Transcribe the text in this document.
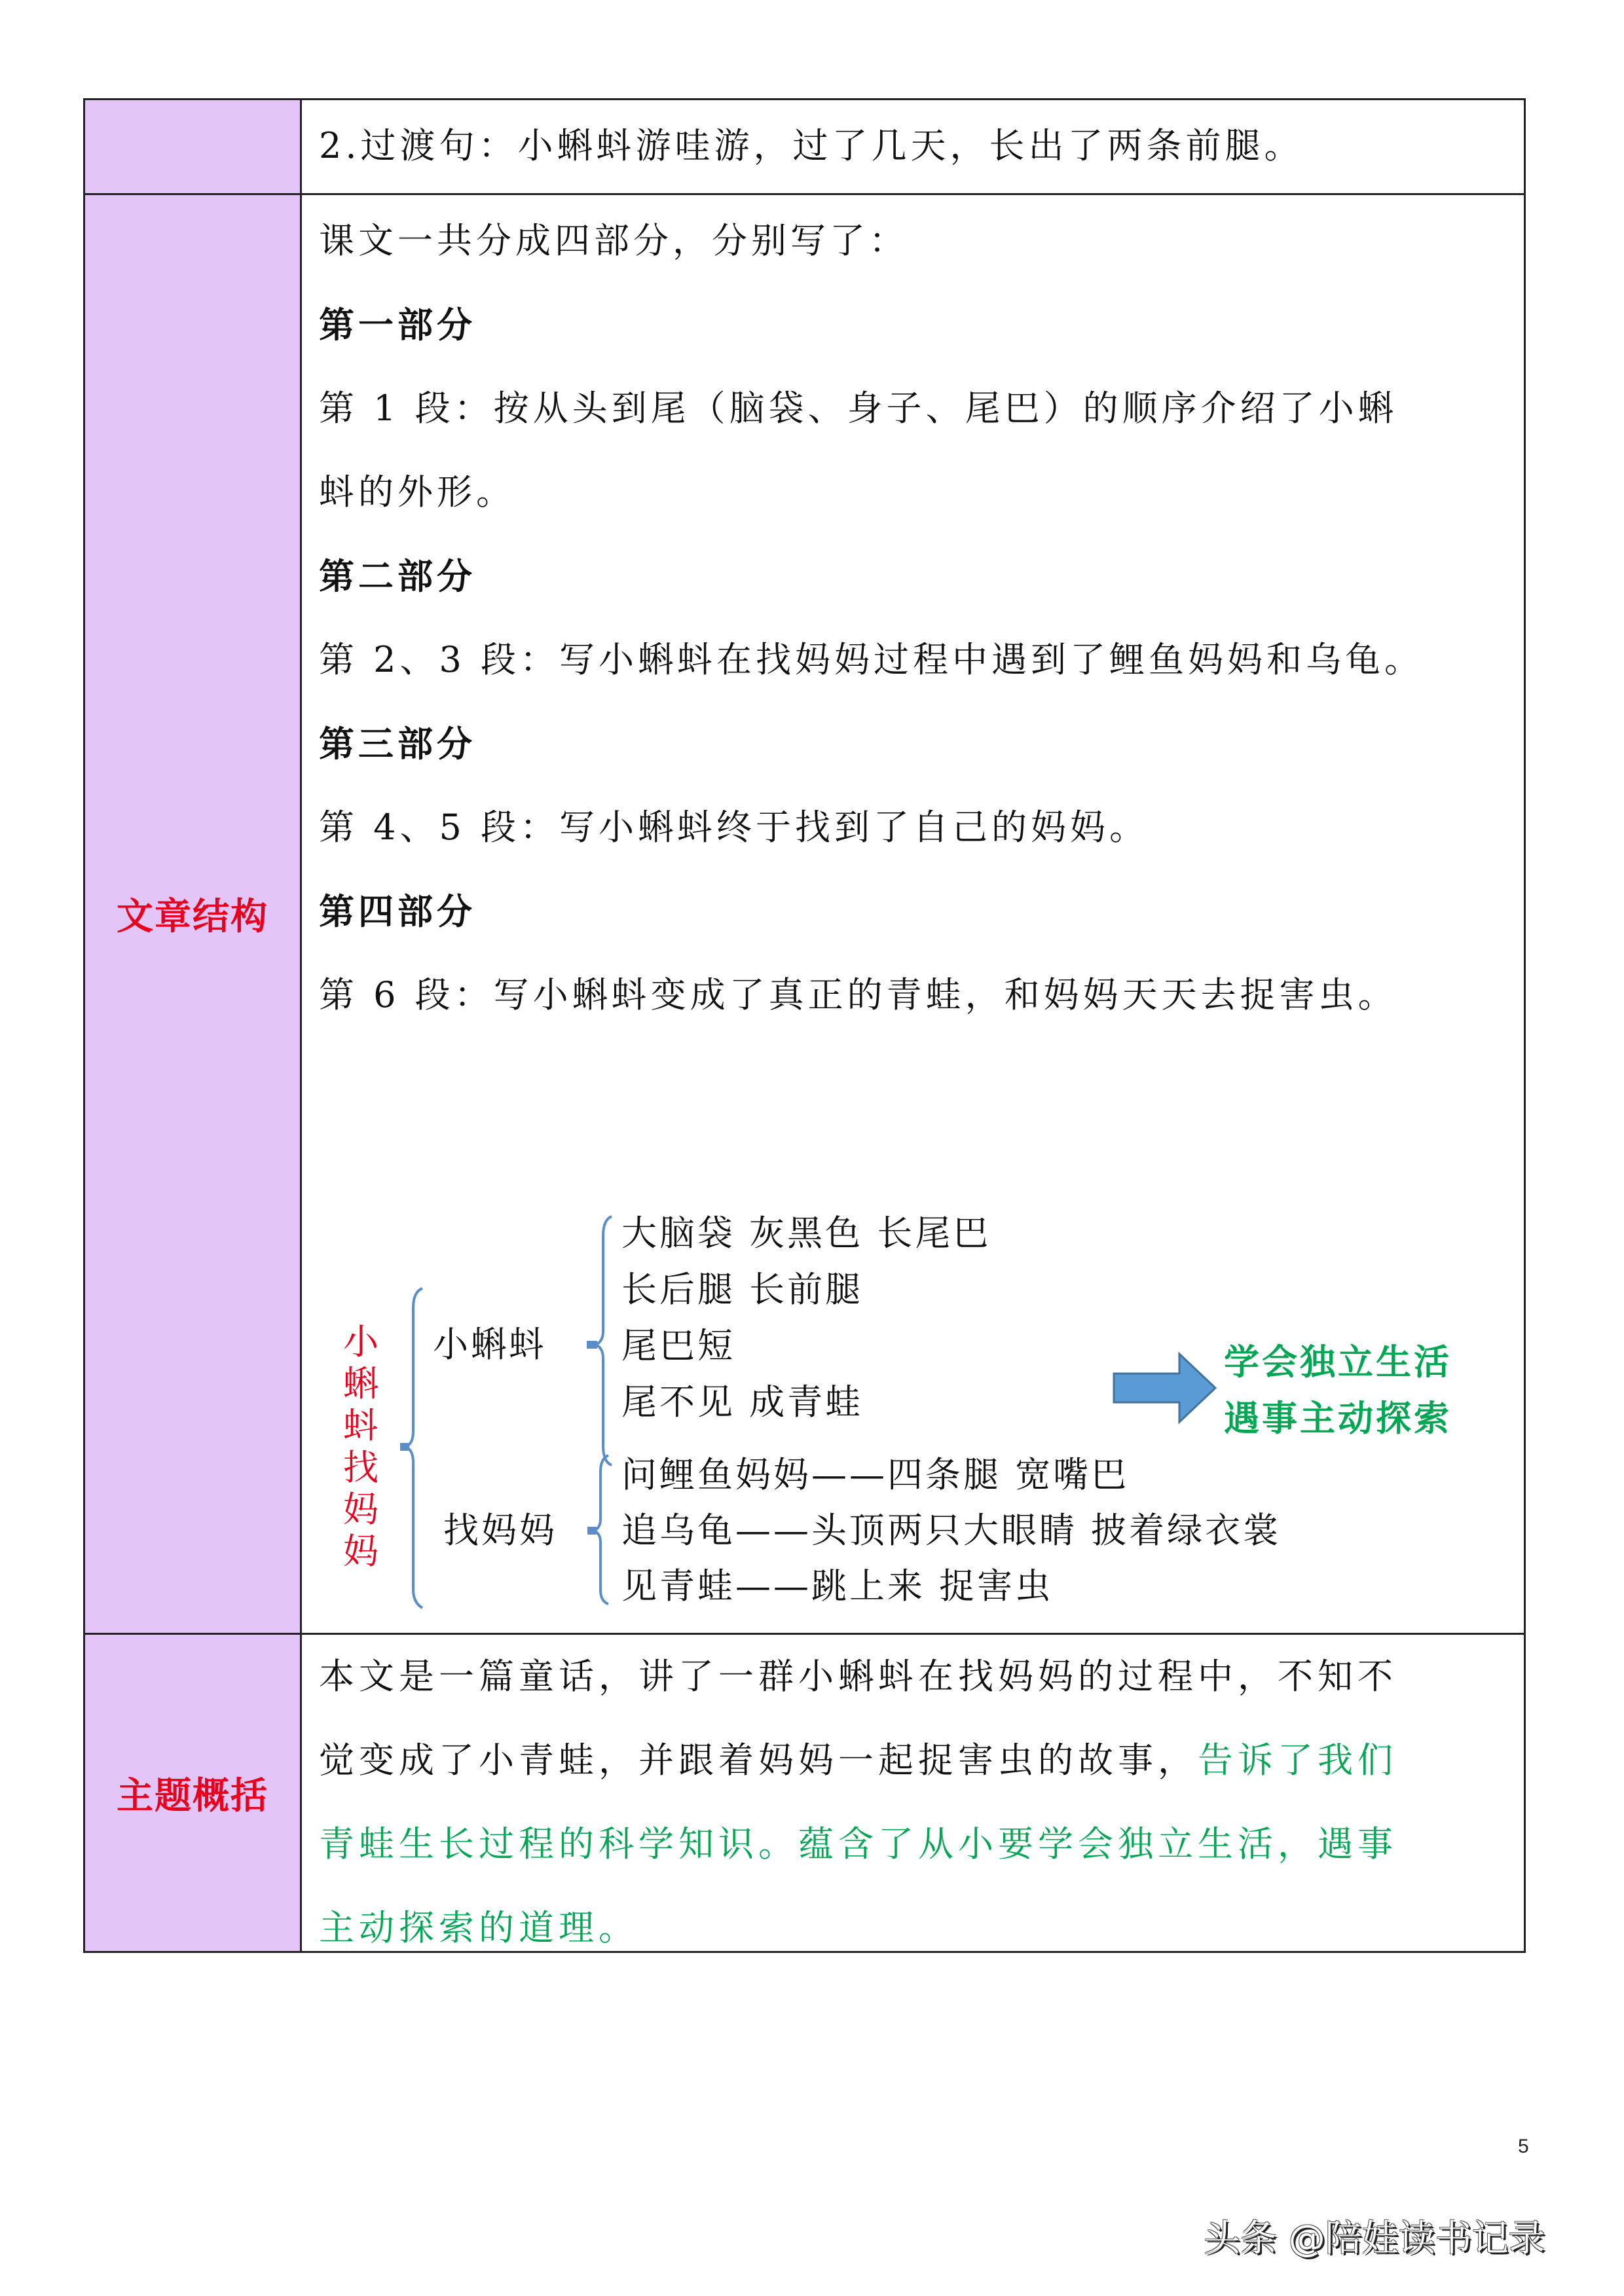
2.过渡句：小蝌蚪游哇游，过了几天，长出了两条前腿。
文章结构
课文一共分成四部分，分别写了：
第一部分
第 1 段：按从头到尾（脑袋、身子、尾巴）的顺序介绍了小蝌
蚪的外形。
第二部分
第 2、3 段：写小蝌蚪在找妈妈过程中遇到了鲤鱼妈妈和乌龟。
第三部分
第 4、5 段：写小蝌蚪终于找到了自己的妈妈。
第四部分
第 6 段：写小蝌蚪变成了真正的青蛙，和妈妈天天去捉害虫。
小蝌蚪找妈妈
小蝌蚪
大脑袋 灰黑色 长尾巴
长后腿 长前腿
尾巴短
尾不见 成青蛙
找妈妈
问鲤鱼妈妈——四条腿 宽嘴巴
追乌龟——头顶两只大眼睛 披着绿衣裳
见青蛙——跳上来 捉害虫
学会独立生活
遇事主动探索
主题概括
本文是一篇童话，讲了一群小蝌蚪在找妈妈的过程中，不知不
觉变成了小青蛙，并跟着妈妈一起捉害虫的故事，告诉了我们
青蛙生长过程的科学知识。蕴含了从小要学会独立生活，遇事
主动探索的道理。
5
头条 @陪娃读书记录
